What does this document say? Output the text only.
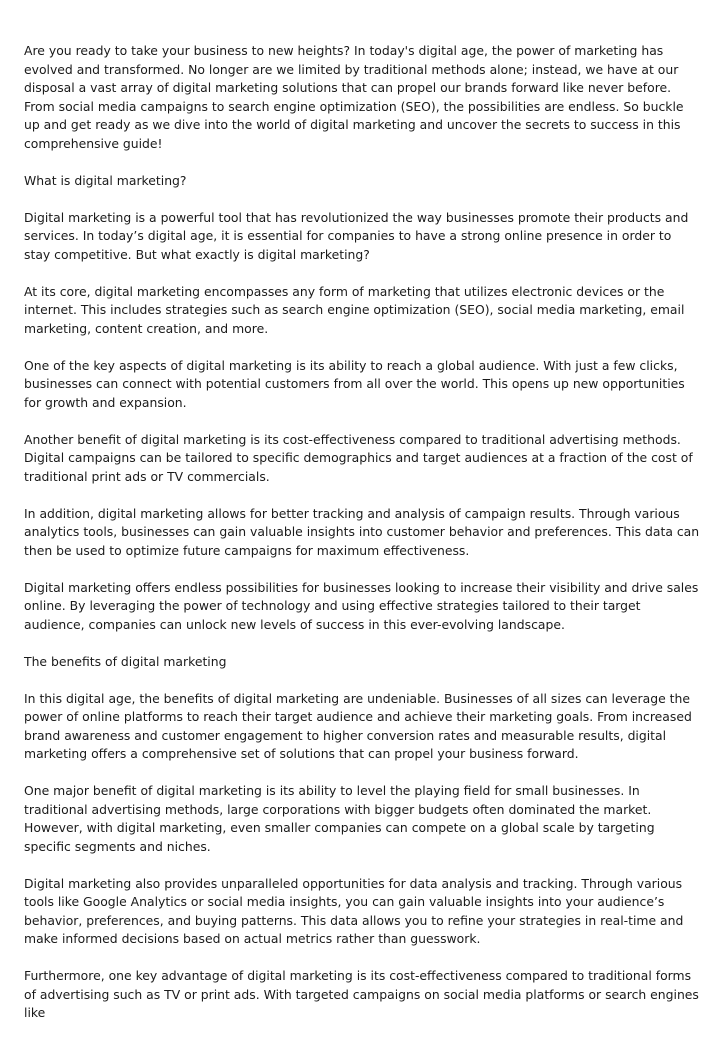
Are you ready to take your business to new heights? In today's digital age, the power of marketing has evolved and transformed. No longer are we limited by traditional methods alone; instead, we have at our disposal a vast array of digital marketing solutions that can propel our brands forward like never before. From social media campaigns to search engine optimization (SEO), the possibilities are endless. So buckle up and get ready as we dive into the world of digital marketing and uncover the secrets to success in this comprehensive guide!

What is digital marketing?

Digital marketing is a powerful tool that has revolutionized the way businesses promote their products and services. In today’s digital age, it is essential for companies to have a strong online presence in order to stay competitive. But what exactly is digital marketing?

At its core, digital marketing encompasses any form of marketing that utilizes electronic devices or the internet. This includes strategies such as search engine optimization (SEO), social media marketing, email marketing, content creation, and more.

One of the key aspects of digital marketing is its ability to reach a global audience. With just a few clicks, businesses can connect with potential customers from all over the world. This opens up new opportunities for growth and expansion.

Another benefit of digital marketing is its cost-effectiveness compared to traditional advertising methods. Digital campaigns can be tailored to specific demographics and target audiences at a fraction of the cost of traditional print ads or TV commercials.

In addition, digital marketing allows for better tracking and analysis of campaign results. Through various analytics tools, businesses can gain valuable insights into customer behavior and preferences. This data can then be used to optimize future campaigns for maximum effectiveness.

Digital marketing offers endless possibilities for businesses looking to increase their visibility and drive sales online. By leveraging the power of technology and using effective strategies tailored to their target audience, companies can unlock new levels of success in this ever-evolving landscape.

The benefits of digital marketing

In this digital age, the benefits of digital marketing are undeniable. Businesses of all sizes can leverage the power of online platforms to reach their target audience and achieve their marketing goals. From increased brand awareness and customer engagement to higher conversion rates and measurable results, digital marketing offers a comprehensive set of solutions that can propel your business forward.

One major benefit of digital marketing is its ability to level the playing field for small businesses. In traditional advertising methods, large corporations with bigger budgets often dominated the market. However, with digital marketing, even smaller companies can compete on a global scale by targeting specific segments and niches.

Digital marketing also provides unparalleled opportunities for data analysis and tracking. Through various tools like Google Analytics or social media insights, you can gain valuable insights into your audience’s behavior, preferences, and buying patterns. This data allows you to refine your strategies in real-time and make informed decisions based on actual metrics rather than guesswork.

Furthermore, one key advantage of digital marketing is its cost-effectiveness compared to traditional forms of advertising such as TV or print ads. With targeted campaigns on social media platforms or search engines like
